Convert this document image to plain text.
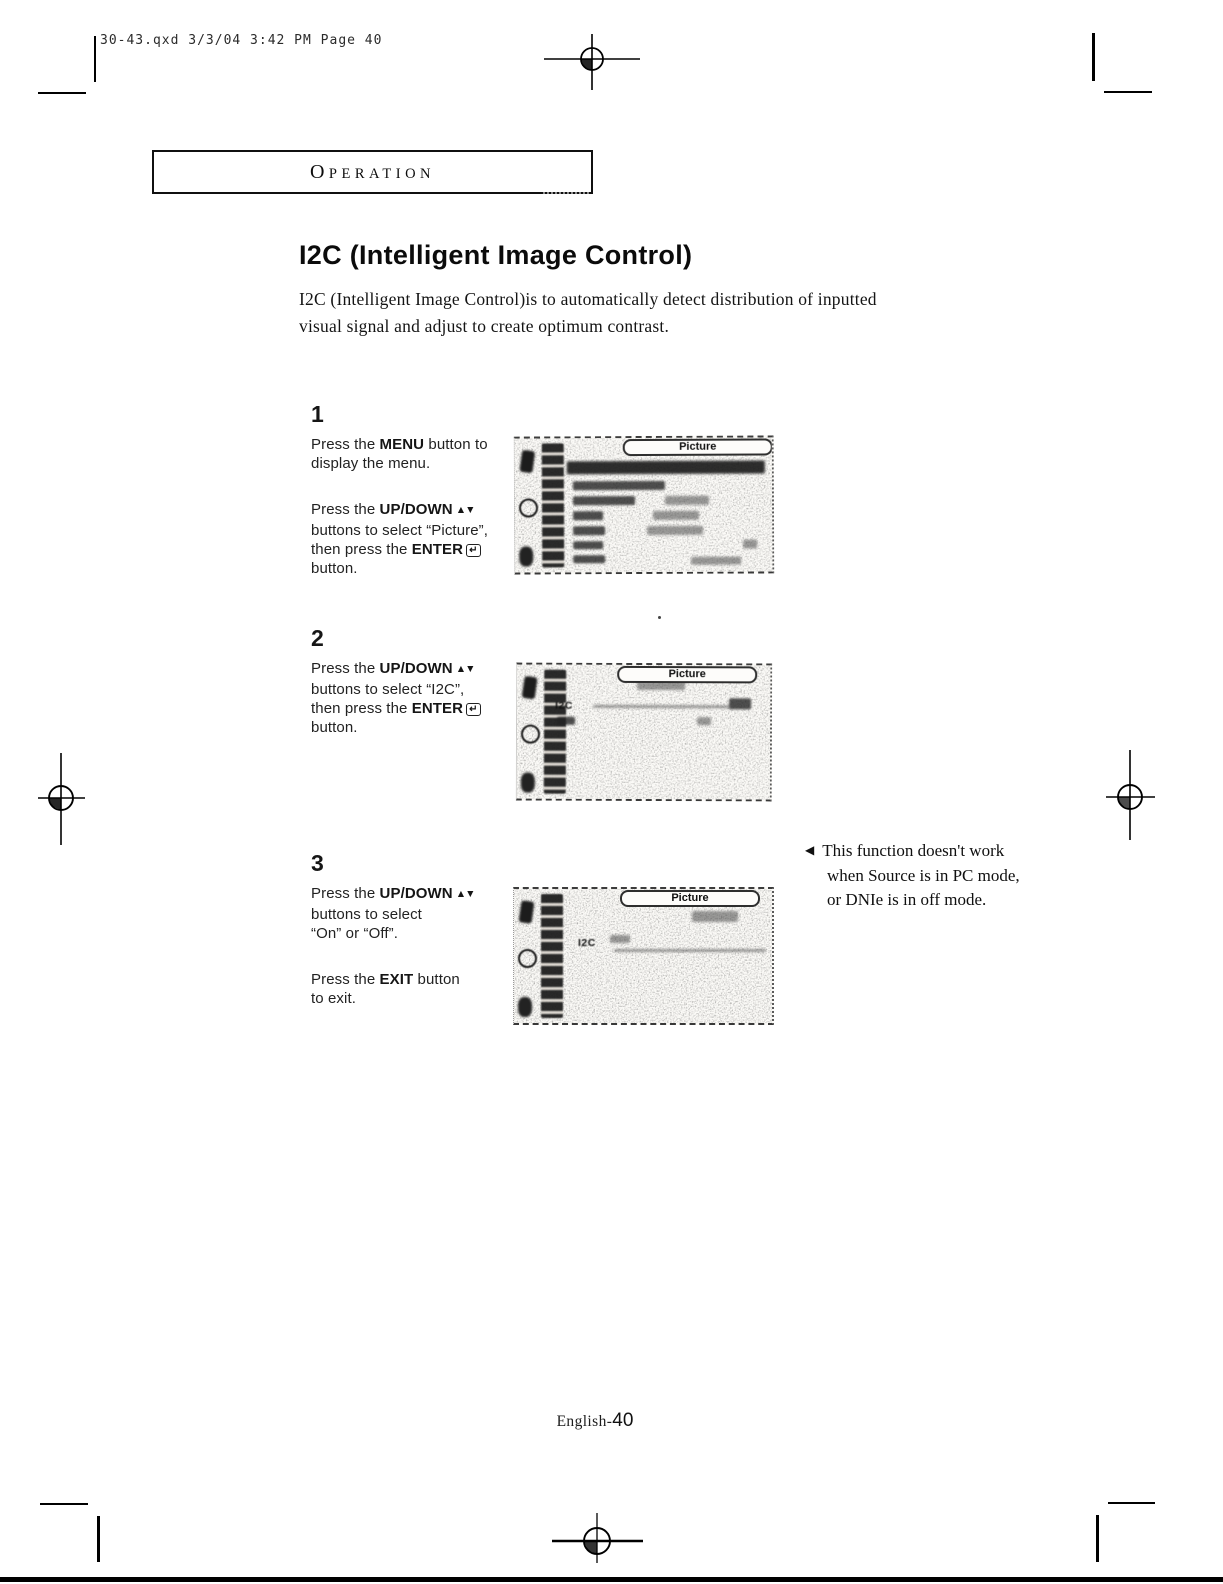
30-43.qxd 3/3/04 3:42 PM Page 40
OPERATION
I2C (Intelligent Image Control)
I2C (Intelligent Image Control)is to automatically detect distribution of inputted
visual signal and adjust to create optimum contrast.
1
Press the MENU button to
display the menu.
Press the UP/DOWN ▲▼
buttons to select “Picture”,
then press the ENTER ↵
button.
2
Press the UP/DOWN ▲▼
buttons to select “I2C”,
then press the ENTER ↵
button.
3
Press the UP/DOWN ▲▼
buttons to select
“On” or “Off”.
Press the EXIT button
to exit.
Picture
Picture
I2C
Picture
I2C
◀ This function doesn't work
when Source is in PC mode,
or DNIe is in off mode.
English-40
